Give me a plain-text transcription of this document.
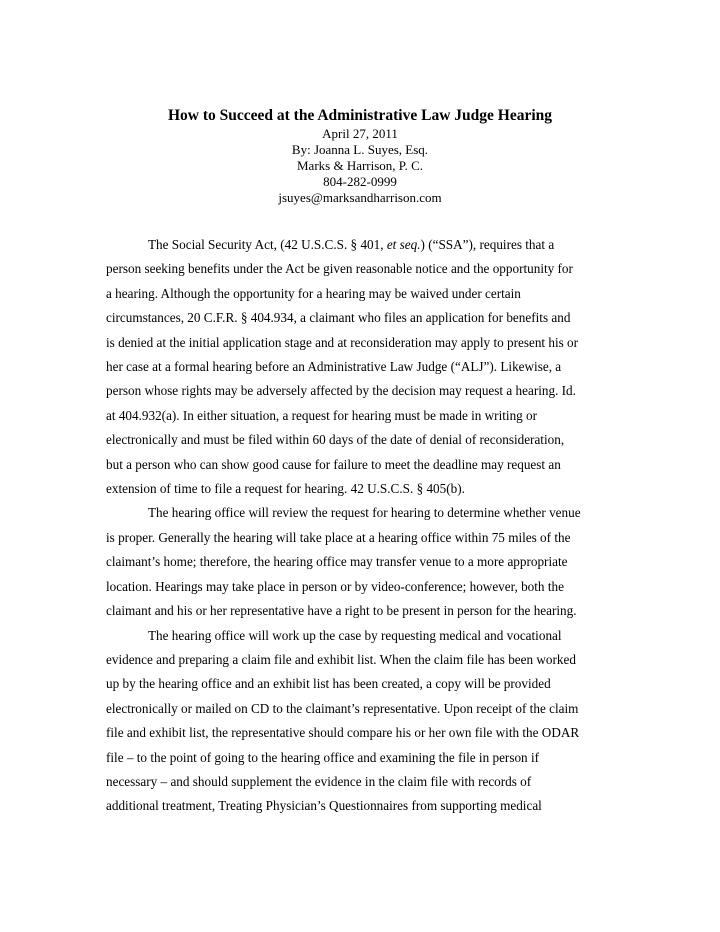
How to Succeed at the Administrative Law Judge Hearing

April 27, 2011

By: Joanna L. Suyes, Esq.

Marks & Harrison, P. C.

804-282-0999

jsuyes@marksandharrison.com

The Social Security Act, (42 U.S.C.S. § 401, et seq.) (“SSA”), requires that a
person seeking benefits under the Act be given reasonable notice and the opportunity for
a hearing. Although the opportunity for a hearing may be waived under certain
circumstances, 20 C.F.R. § 404.934, a claimant who files an application for benefits and
is denied at the initial application stage and at reconsideration may apply to present his or
her case at a formal hearing before an Administrative Law Judge (“ALJ”). Likewise, a
person whose rights may be adversely affected by the decision may request a hearing. Id.
at 404.932(a). In either situation, a request for hearing must be made in writing or
electronically and must be filed within 60 days of the date of denial of reconsideration,
but a person who can show good cause for failure to meet the deadline may request an
extension of time to file a request for hearing. 42 U.S.C.S. § 405(b).

The hearing office will review the request for hearing to determine whether venue
is proper. Generally the hearing will take place at a hearing office within 75 miles of the
claimant’s home; therefore, the hearing office may transfer venue to a more appropriate
location. Hearings may take place in person or by video-conference; however, both the
claimant and his or her representative have a right to be present in person for the hearing.

The hearing office will work up the case by requesting medical and vocational
evidence and preparing a claim file and exhibit list. When the claim file has been worked
up by the hearing office and an exhibit list has been created, a copy will be provided
electronically or mailed on CD to the claimant’s representative. Upon receipt of the claim
file and exhibit list, the representative should compare his or her own file with the ODAR
file – to the point of going to the hearing office and examining the file in person if
necessary – and should supplement the evidence in the claim file with records of
additional treatment, Treating Physician’s Questionnaires from supporting medical
